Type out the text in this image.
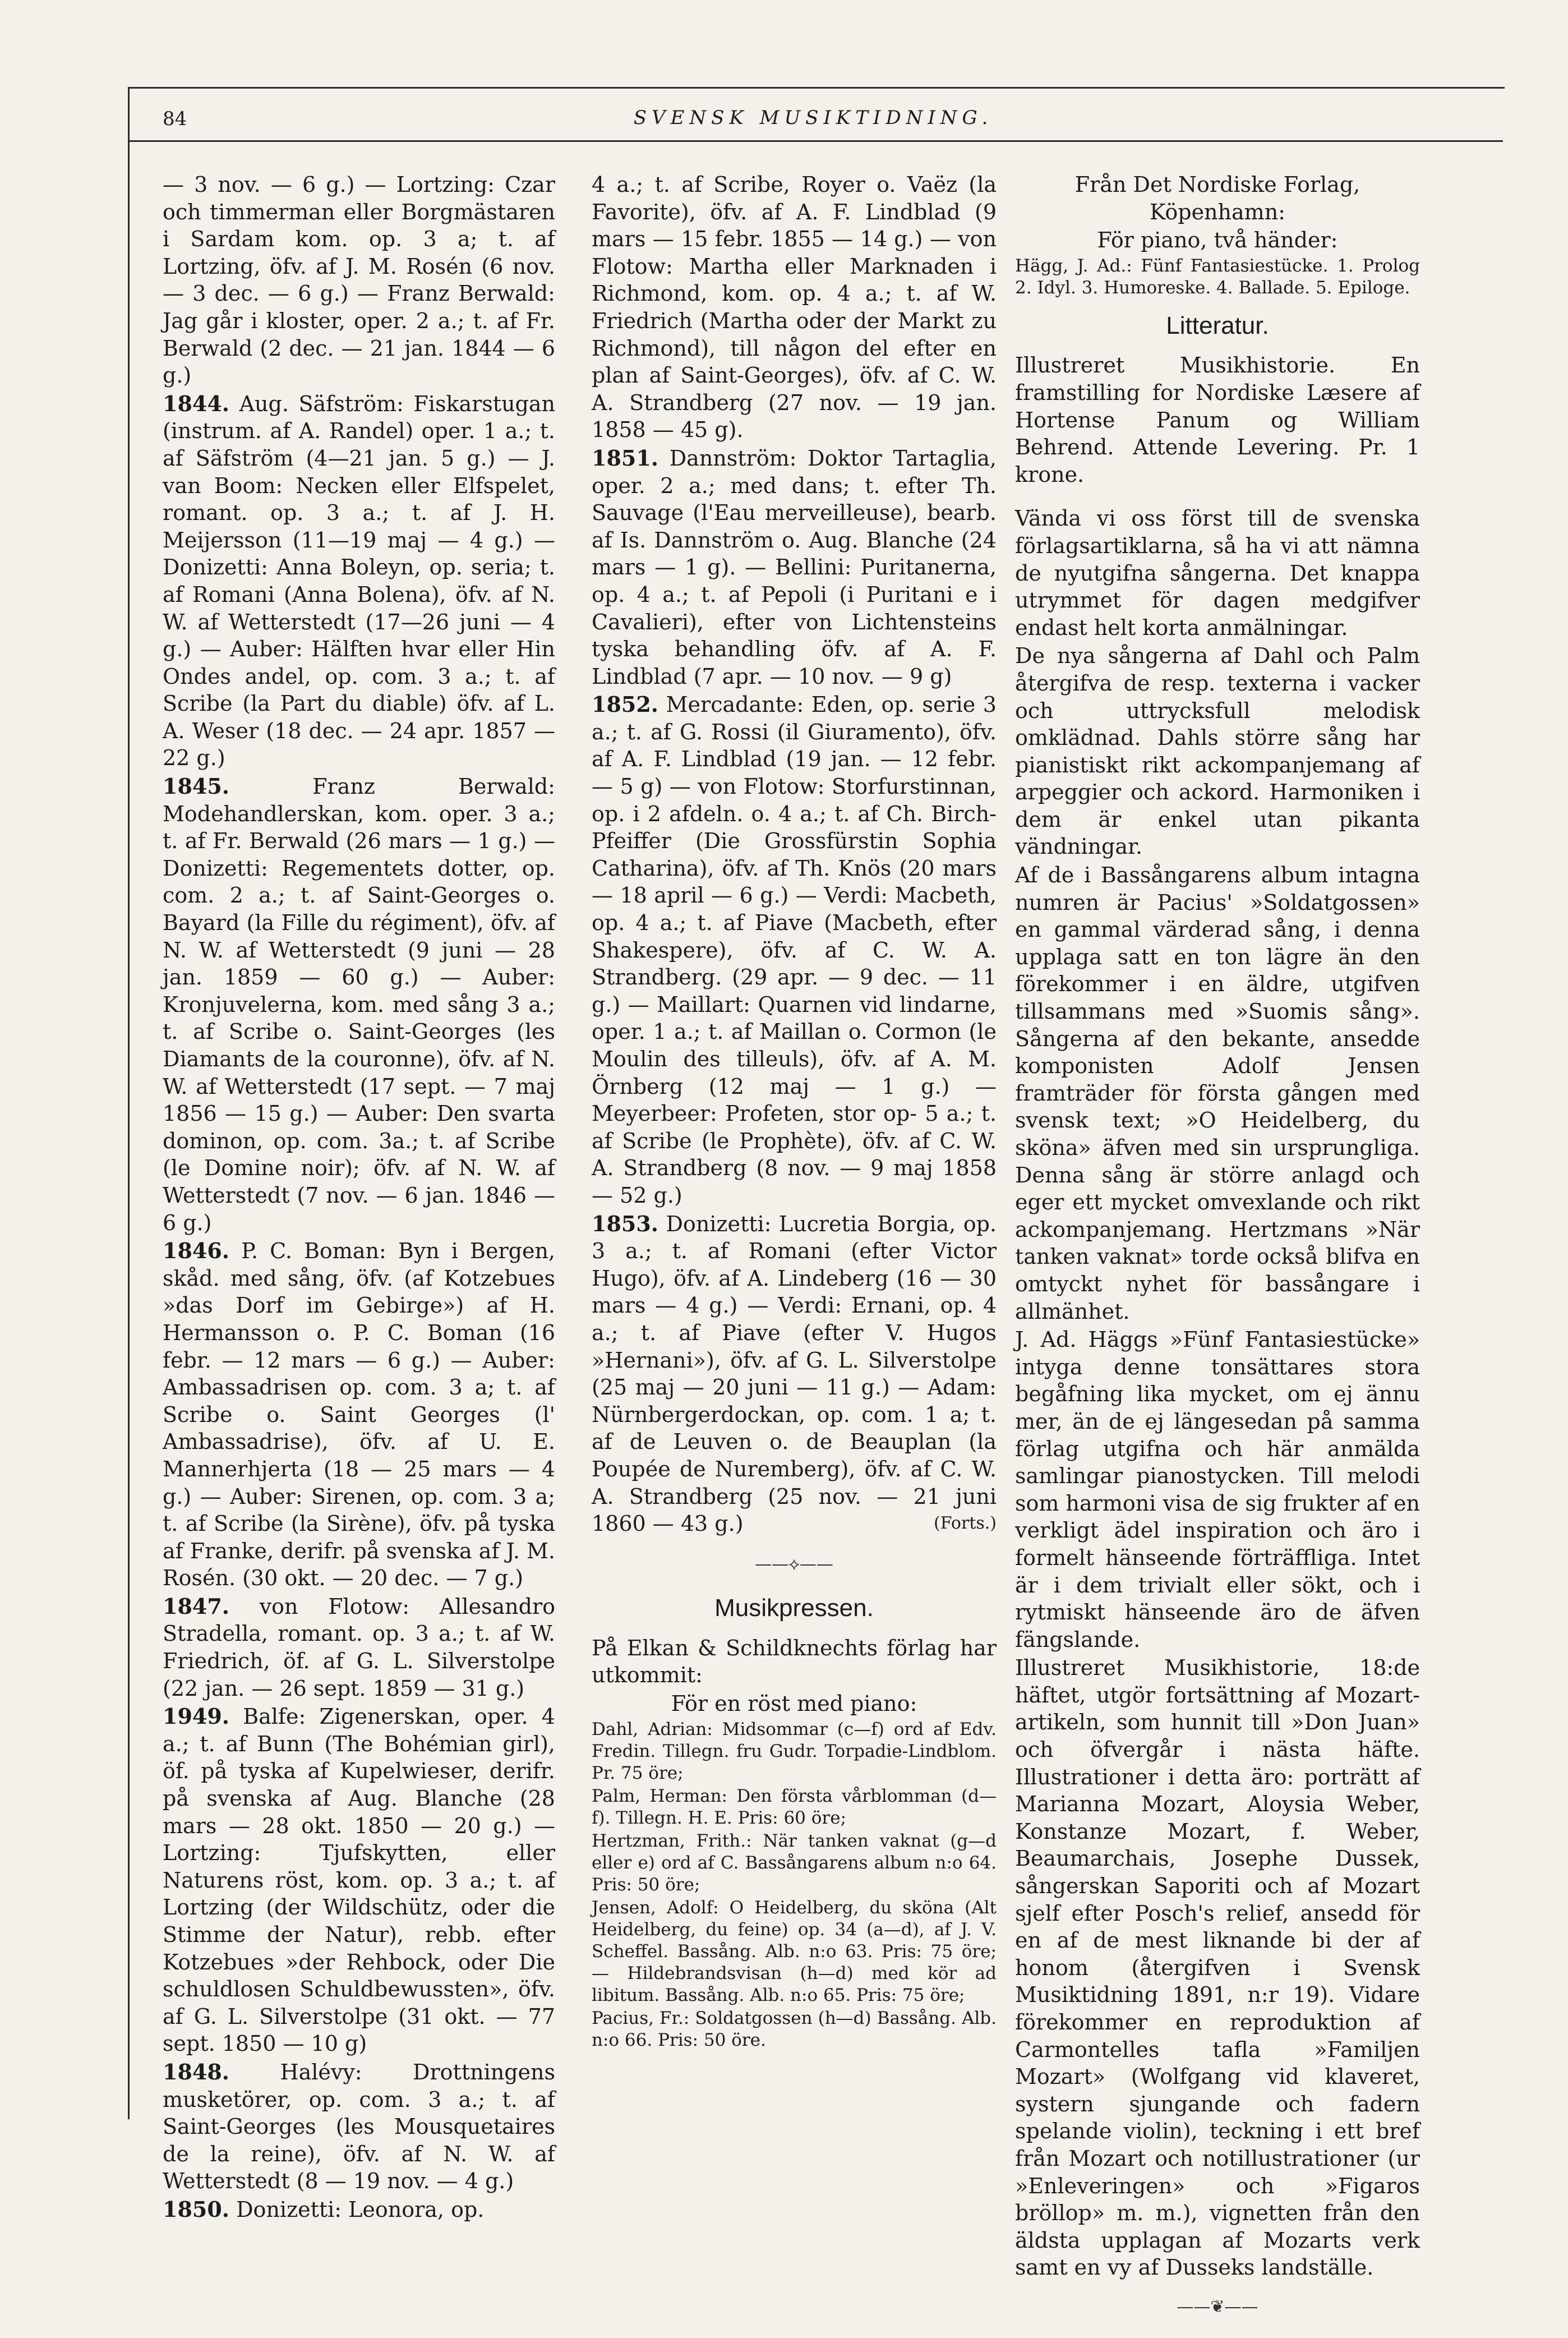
84	SVENSK MUSIKTIDNING.

— 3 nov. — 6 g.) — Lortzing: Czar och timmerman eller Borgmästaren i Sardam kom. op. 3 a; t. af Lortzing, öfv. af J. M. Rosén (6 nov. — 3 dec. — 6 g.) — Franz Berwald: Jag går i kloster, oper. 2 a.; t. af Fr. Berwald (2 dec. — 21 jan. 1844 — 6 g.)

1844. Aug. Säfström: Fiskarstugan (instrum. af A. Randel) oper. 1 a.; t. af Säfström (4—21 jan. 5 g.) — J. van Boom: Necken eller Elfspelet, romant. op. 3 a.; t. af J. H. Meijersson (11—19 maj — 4 g.) — Donizetti: Anna Boleyn, op. seria; t. af Romani (Anna Bolena), öfv. af N. W. af Wetterstedt (17—26 juni — 4 g.) — Auber: Hälften hvar eller Hin Ondes andel, op. com. 3 a.; t. af Scribe (la Part du diable) öfv. af L. A. Weser (18 dec. — 24 apr. 1857 — 22 g.)

1845.	Franz Berwald: Modehandlerskan, kom. oper. 3 a.; t. af Fr. Berwald (26 mars — 1 g.) — Donizetti: Regementets dotter, op. com. 2 a.; t. af Saint-Georges o. Bayard (la Fille du régiment), öfv. af N. W. af Wetterstedt (9 juni — 28 jan. 1859 — 60 g.) — Auber: Kronjuvelerna, kom. med sång 3 a.; t. af Scribe o. Saint-Georges (les Diamants de la couronne), öfv. af N. W. af Wetterstedt (17 sept. — 7 maj 1856 — 15 g.) — Auber: Den svarta dominon, op. com. 3a.; t. af Scribe (le Domine noir); öfv. af N. W. af Wetterstedt (7 nov. — 6 jan. 1846 — 6 g.)

1846. P. C. Boman: Byn i Bergen, skåd. med sång, öfv. (af Kotzebues »das Dorf im Gebirge») af H. Hermansson o. P. C. Boman (16 febr. — 12 mars — 6 g.) — Auber: Ambassadrisen op. com. 3 a; t. af Scribe o. Saint Georges (l' Ambassadrise), öfv. af U. E. Mannerhjerta (18 — 25 mars — 4 g.) — Auber: Sirenen, op. com. 3 a; t. af Scribe (la Sirène), öfv. på tyska af Franke, derifr. på svenska af J. M. Rosén. (30 okt. — 20 dec. — 7 g.)

1847. von Flotow: Allesandro Stradella, romant. op. 3 a.; t. af W. Friedrich, öf. af G. L. Silverstolpe (22 jan. — 26 sept. 1859 — 31 g.)

1949. Balfe: Zigenerskan, oper. 4 a.; t. af Bunn (The Bohémian girl), öf. på tyska af Kupelwieser, derifr. på svenska af Aug. Blanche (28 mars — 28 okt. 1850 — 20 g.) — Lortzing: Tjufskytten, eller Naturens röst, kom. op. 3 a.; t. af Lortzing (der Wildschütz, oder die Stimme der Natur), rebb. efter Kotzebues »der Rehbock, oder Die schuldlosen Schuldbewussten», öfv. af G. L. Silverstolpe (31 okt. — 77 sept. 1850 — 10 g)

1848. Halévy: Drottningens musketörer, op. com. 3 a.; t. af Saint-Georges (les Mousquetaires de la reine), öfv. af N. W. af Wetterstedt (8 — 19 nov. — 4 g.)

1850. Donizetti: Leonora, op.

4 a.; t. af Scribe, Royer o. Vaëz (la Favorite), öfv. af A. F. Lindblad (9 mars — 15 febr. 1855 — 14 g.) — von Flotow: Martha eller Marknaden i Richmond, kom. op. 4 a.; t. af W. Friedrich (Martha oder der Markt zu Richmond), till någon del efter en plan af Saint-Georges), öfv. af C. W. A. Strandberg (27 nov. — 19 jan. 1858 — 45 g).

1851. Dannström: Doktor Tartaglia, oper. 2 a.; med dans; t. efter Th. Sauvage (l'Eau merveilleuse), bearb. af Is. Dannström o. Aug. Blanche (24 mars — 1 g). — Bellini: Puritanerna, op. 4 a.; t. af Pepoli (i Puritani e i Cavalieri), efter von Lichtensteins tyska behandling öfv. af A. F. Lindblad (7 apr. — 10 nov. — 9 g)

1852. Mercadante: Eden, op. serie 3 a.; t. af G. Rossi (il Giuramento), öfv. af A. F. Lindblad (19 jan. — 12 febr. — 5 g) — von Flotow: Storfurstinnan, op. i 2 afdeln. o. 4 a.; t. af Ch. Birch-Pfeiffer (Die Grossfürstin Sophia Catharina), öfv. af Th. Knös (20 mars — 18 april — 6 g.) — Verdi: Macbeth, op. 4 a.; t. af Piave (Macbeth, efter Shakespere), öfv. af C. W. A. Strandberg. (29 apr. — 9 dec. — 11 g.) — Maillart: Quarnen vid lindarne, oper. 1 a.; t. af Maillan o. Cormon (le Moulin des tilleuls), öfv. af A. M. Örnberg (12 maj — 1 g.) — Meyerbeer: Profeten, stor op- 5 a.; t. af Scribe (le Prophète), öfv. af C. W. A. Strandberg (8 nov. — 9 maj 1858 — 52 g.)

1853. Donizetti: Lucretia Borgia, op. 3 a.; t. af Romani (efter Victor Hugo), öfv. af A. Lindeberg (16 — 30 mars — 4 g.) — Verdi: Ernani, op. 4 a.; t. af Piave (efter V. Hugos »Hernani»), öfv. af G. L. Silverstolpe (25 maj — 20 juni — 11 g.) — Adam: Nürnbergerdockan, op. com. 1 a; t. af de Leuven o. de Beauplan (la Poupée de Nuremberg), öfv. af C. W. A. Strandberg (25 nov. — 21 juni 1860 — 43 g.)	(Forts.)

——⟡——
Musikpressen.

På Elkan & Schildknechts förlag har utkommit:

För en röst med piano:

Dahl, Adrian: Midsommar (c—f) ord af Edv. Fredin. Tillegn. fru Gudr. Torpadie-Lindblom. Pr. 75 öre;

Palm, Herman: Den första vårblomman (d—f). Tillegn. H. E. Pris: 60 öre;

Hertzman, Frith.: När tanken vaknat (g—d eller e) ord af C. Bassångarens album n:o 64. Pris: 50 öre;

Jensen, Adolf: O Heidelberg, du sköna (Alt Heidelberg, du feine) op. 34 (a—d), af J. V. Scheffel. Bassång. Alb. n:o 63. Pris: 75 öre; — Hildebrandsvisan (h—d) med kör ad libitum. Bassång. Alb. n:o 65. Pris: 75 öre;

Pacius, Fr.: Soldatgossen (h—d) Bassång. Alb. n:o 66. Pris: 50 öre.

Från Det Nordiske Forlag, Köpenhamn:

För piano, två händer:

Hägg, J. Ad.: Fünf Fantasiestücke. 1. Prolog 2. Idyl. 3. Humoreske. 4. Ballade. 5. Epiloge.

Litteratur.

Illustreret Musikhistorie. En framstilling for Nordiske Læsere af Hortense Panum og William Behrend. Attende Levering. Pr. 1 krone.

Vända vi oss först till de svenska förlagsartiklarna, så ha vi att nämna de nyutgifna sångerna. Det knappa utrymmet för dagen medgifver endast helt korta anmälningar.

De nya sångerna af Dahl och Palm återgifva de resp. texterna i vacker och uttrycksfull melodisk omklädnad. Dahls större sång har pianistiskt rikt ackompanjemang af arpeggier och ackord. Harmoniken i dem är enkel utan pikanta vändningar.

Af de i Bassångarens album intagna numren är Pacius' »Soldatgossen» en gammal värderad sång, i denna upplaga satt en ton lägre än den förekommer i en äldre, utgifven tillsammans med »Suomis sång». Sångerna af den bekante, ansedde komponisten Adolf Jensen framträder för första gången med svensk text; »O Heidelberg, du sköna» äfven med sin ursprungliga. Denna sång är större anlagd och eger ett mycket omvexlande och rikt ackompanjemang. Hertzmans »När tanken vaknat» torde också blifva en omtyckt nyhet för bassångare i allmänhet.

J. Ad. Häggs »Fünf Fantasiestücke» intyga denne tonsättares stora begåfning lika mycket, om ej ännu mer, än de ej längesedan på samma förlag utgifna och här anmälda samlingar pianostycken. Till melodi som harmoni visa de sig frukter af en verkligt ädel inspiration och äro i formelt hänseende förträffliga. Intet är i dem trivialt eller sökt, och i rytmiskt hänseende äro de äfven fängslande.

Illustreret Musikhistorie, 18:de häftet, utgör fortsättning af Mozart-artikeln, som hunnit till »Don Juan» och öfvergår i nästa häfte. Illustrationer i detta äro: porträtt af Marianna Mozart, Aloysia Weber, Konstanze Mozart, f. Weber, Beaumarchais, Josephe Dussek, sångerskan Saporiti och af Mozart sjelf efter Posch's relief, ansedd för en af de mest liknande bi der af honom (återgifven i Svensk Musiktidning 1891, n:r 19). Vidare förekommer en reproduktion af Carmontelles tafla »Familjen Mozart» (Wolfgang vid klaveret, systern sjungande och fadern spelande violin), teckning i ett bref från Mozart och notillustrationer (ur »Enleveringen» och »Figaros bröllop» m. m.), vignetten från den äldsta upplagan af Mozarts verk samt en vy af Dusseks landställe.

——❦——
